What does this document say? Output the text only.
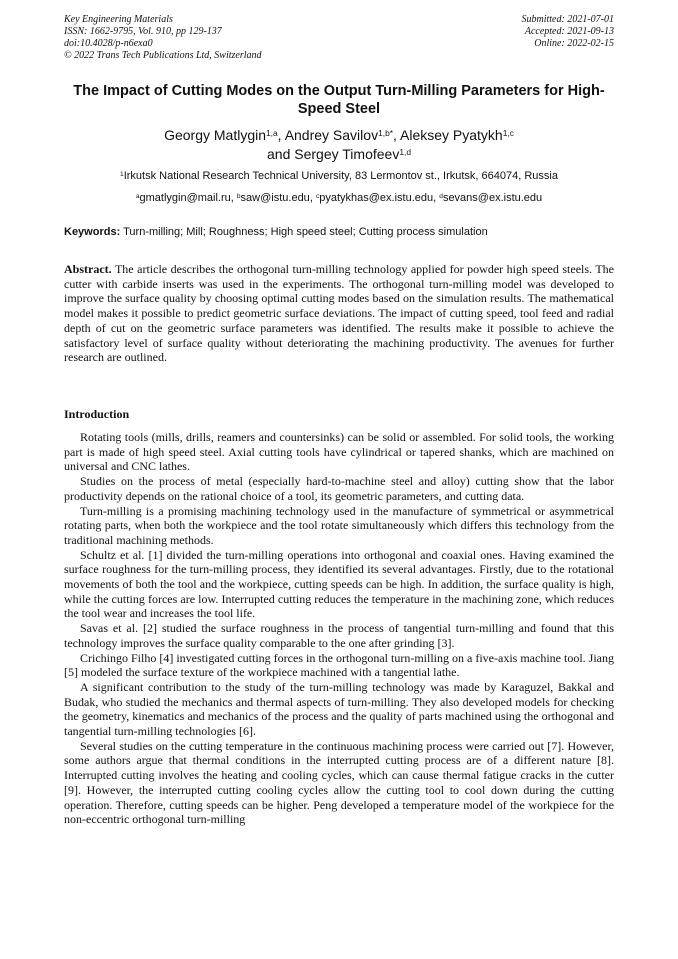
Key Engineering Materials
ISSN: 1662-9795, Vol. 910, pp 129-137
doi:10.4028/p-n6exa0
© 2022 Trans Tech Publications Ltd, Switzerland
Submitted: 2021-07-01
Accepted: 2021-09-13
Online: 2022-02-15
The Impact of Cutting Modes on the Output Turn-Milling Parameters for High-Speed Steel
Georgy Matlygin$^{1,a}$, Andrey Savilov$^{1,b*}$, Aleksey Pyatykh$^{1,c}$
and Sergey Timofeev$^{1,d}$
$^1$Irkutsk National Research Technical University, 83 Lermontov st., Irkutsk, 664074, Russia
$^a$gmatlygin@mail.ru, $^b$saw@istu.edu, $^c$pyatykhas@ex.istu.edu, $^d$sevans@ex.istu.edu
Keywords: Turn-milling; Mill; Roughness; High speed steel; Cutting process simulation

Abstract. The article describes the orthogonal turn-milling technology applied for powder high speed steels. The cutter with carbide inserts was used in the experiments. The orthogonal turn-milling model was developed to improve the surface quality by choosing optimal cutting modes based on the simulation results. The mathematical model makes it possible to predict geometric surface deviations. The impact of cutting speed, tool feed and radial depth of cut on the geometric surface parameters was identified. The results make it possible to achieve the satisfactory level of surface quality without deteriorating the machining productivity. The avenues for further research are outlined.

Introduction

Rotating tools (mills, drills, reamers and countersinks) can be solid or assembled. For solid tools, the working part is made of high speed steel. Axial cutting tools have cylindrical or tapered shanks, which are machined on universal and CNC lathes.

Studies on the process of metal (especially hard-to-machine steel and alloy) cutting show that the labor productivity depends on the rational choice of a tool, its geometric parameters, and cutting data.

Turn-milling is a promising machining technology used in the manufacture of symmetrical or asymmetrical rotating parts, when both the workpiece and the tool rotate simultaneously which differs this technology from the traditional machining methods.

Schultz et al. [1] divided the turn-milling operations into orthogonal and coaxial ones. Having examined the surface roughness for the turn-milling process, they identified its several advantages. Firstly, due to the rotational movements of both the tool and the workpiece, cutting speeds can be high. In addition, the surface quality is high, while the cutting forces are low. Interrupted cutting reduces the temperature in the machining zone, which reduces the tool wear and increases the tool life.

Savas et al. [2] studied the surface roughness in the process of tangential turn-milling and found that this technology improves the surface quality comparable to the one after grinding [3].

Crichingo Filho [4] investigated cutting forces in the orthogonal turn-milling on a five-axis machine tool. Jiang [5] modeled the surface texture of the workpiece machined with a tangential lathe.

A significant contribution to the study of the turn-milling technology was made by Karaguzel, Bakkal and Budak, who studied the mechanics and thermal aspects of turn-milling. They also developed models for checking the geometry, kinematics and mechanics of the process and the quality of parts machined using the orthogonal and tangential turn-milling technologies [6].

Several studies on the cutting temperature in the continuous machining process were carried out [7]. However, some authors argue that thermal conditions in the interrupted cutting process are of a different nature [8]. Interrupted cutting involves the heating and cooling cycles, which can cause thermal fatigue cracks in the cutter [9]. However, the interrupted cutting cooling cycles allow the cutting tool to cool down during the cutting operation. Therefore, cutting speeds can be higher. Peng developed a temperature model of the workpiece for the non-eccentric orthogonal turn-milling
